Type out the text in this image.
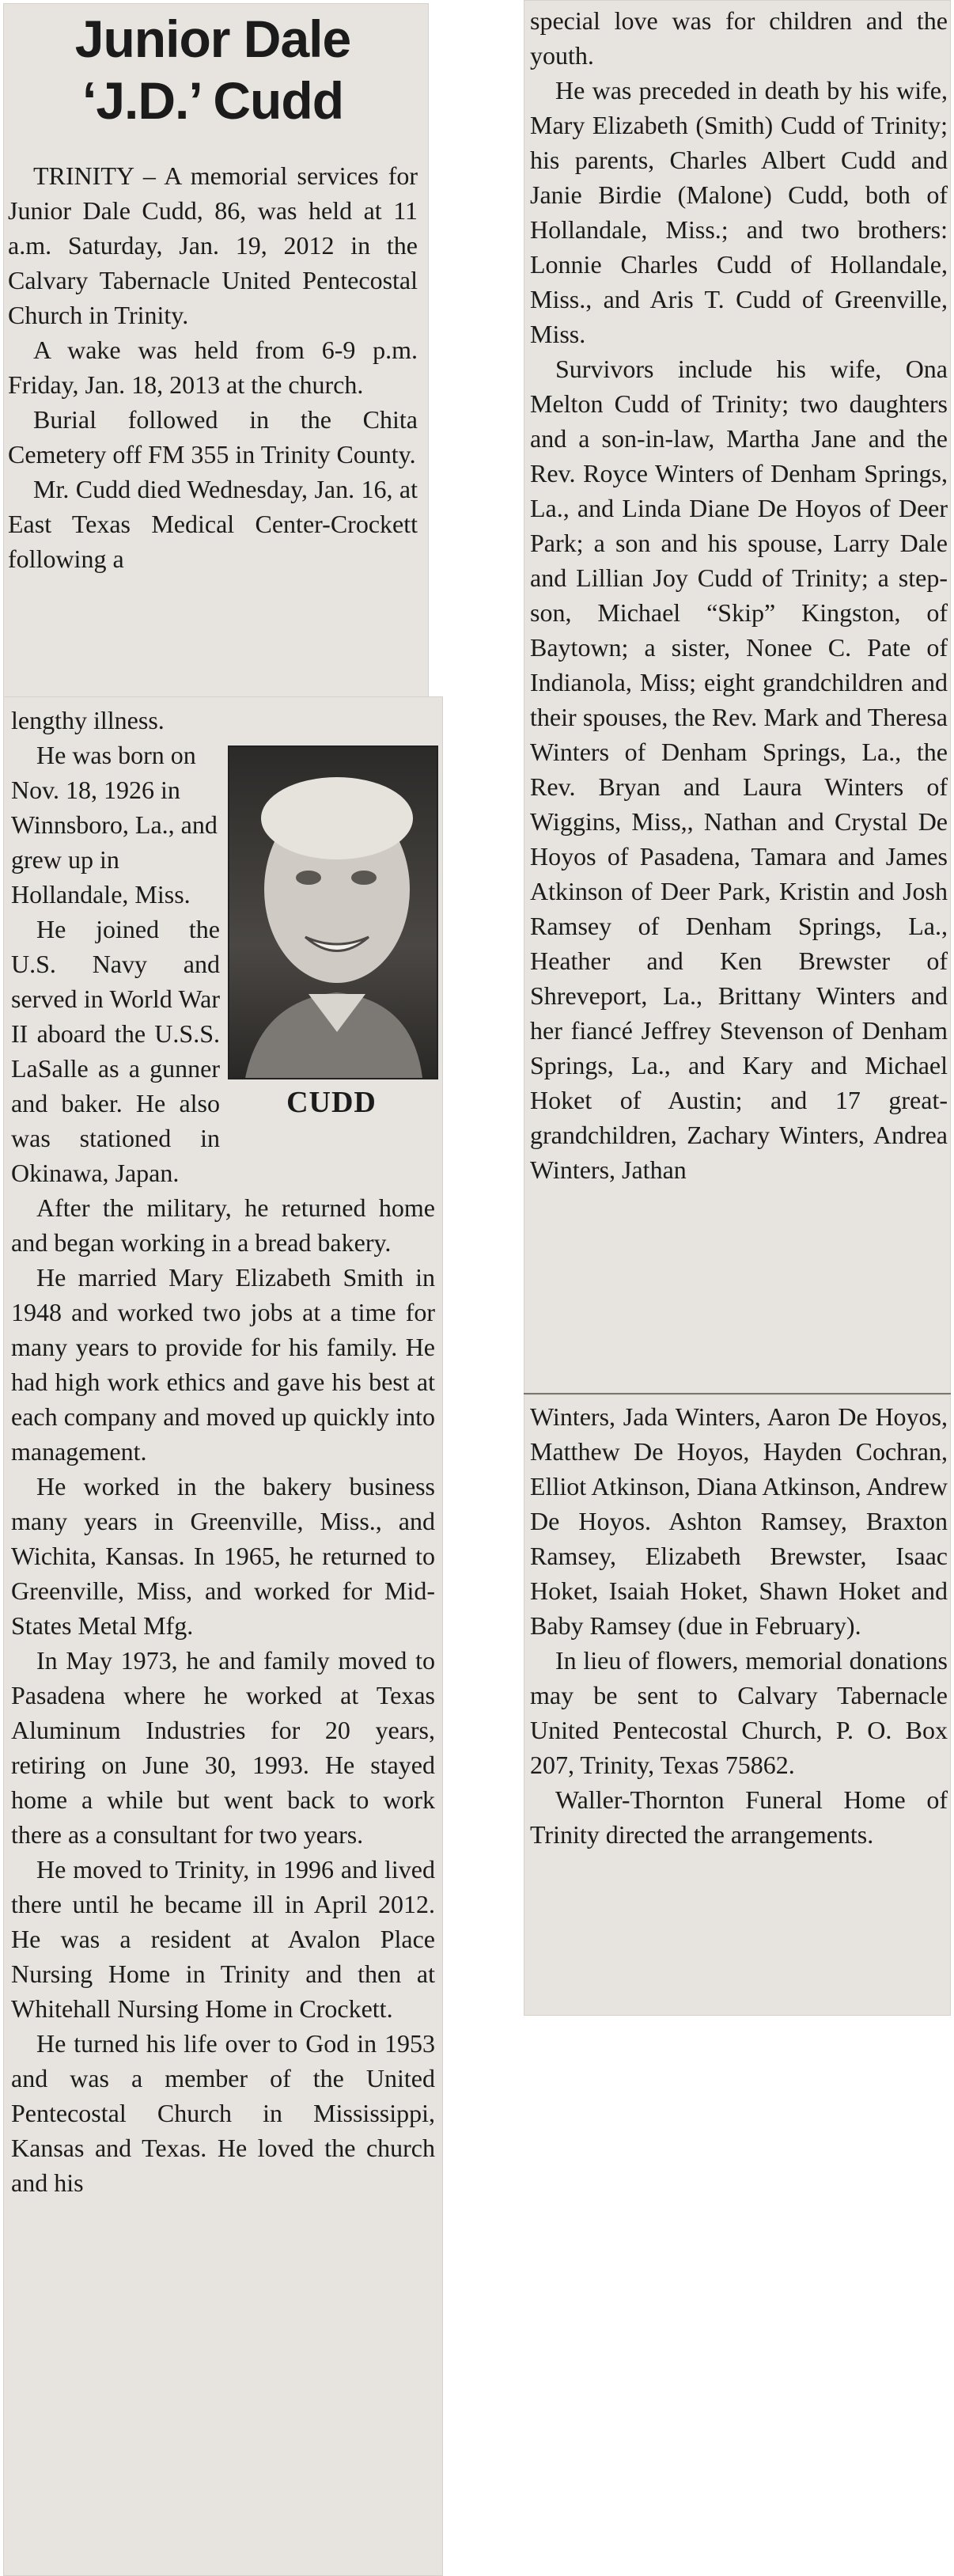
Junior Dale
‘J.D.’ Cudd

TRINITY – A memorial services for Junior Dale Cudd, 86, was held at 11 a.m. Saturday, Jan. 19, 2012 in the Calvary Tabernacle United Pentecostal Church in Trinity.

A wake was held from 6-9 p.m. Friday, Jan. 18, 2013 at the church.

Burial followed in the Chita Cemetery off FM 355 in Trinity County.

Mr. Cudd died Wednesday, Jan. 16, at East Texas Medical Center-Crockett following a

lengthy illness.

CUDD

He was born on Nov. 18, 1926 in Winnsboro, La., and grew up in Hollandale, Miss.

He joined the U.S. Navy and served in World War II aboard the U.S.S. LaSalle as a gunner and baker. He also was stationed in Okinawa, Japan.

After the military, he returned home and began working in a bread bakery.

He married Mary Elizabeth Smith in 1948 and worked two jobs at a time for many years to provide for his family. He had high work ethics and gave his best at each company and moved up quickly into management.

He worked in the bakery business many years in Greenville, Miss., and Wichita, Kansas. In 1965, he returned to Greenville, Miss, and worked for Mid-States Metal Mfg.

In May 1973, he and family moved to Pasadena where he worked at Texas Aluminum Industries for 20 years, retiring on June 30, 1993. He stayed home a while but went back to work there as a consultant for two years.

He moved to Trinity, in 1996 and lived there until he became ill in April 2012. He was a resident at Avalon Place Nursing Home in Trinity and then at Whitehall Nursing Home in Crockett.

He turned his life over to God in 1953 and was a member of the United Pentecostal Church in Mississippi, Kansas and Texas. He loved the church and his

special love was for children and the youth.

He was preceded in death by his wife, Mary Elizabeth (Smith) Cudd of Trinity; his parents, Charles Albert Cudd and Janie Birdie (Malone) Cudd, both of Hollandale, Miss.; and two brothers: Lonnie Charles Cudd of Hollandale, Miss., and Aris T. Cudd of Greenville, Miss.

Survivors include his wife, Ona Melton Cudd of Trinity; two daughters and a son-in-law, Martha Jane and the Rev. Royce Winters of Denham Springs, La., and Linda Diane De Hoyos of Deer Park; a son and his spouse, Larry Dale and Lillian Joy Cudd of Trinity; a step-son, Michael “Skip” Kingston, of Baytown; a sister, Nonee C. Pate of Indianola, Miss; eight grandchildren and their spouses, the Rev. Mark and Theresa Winters of Denham Springs, La., the Rev. Bryan and Laura Winters of Wiggins, Miss,, Nathan and Crystal De Hoyos of Pasadena, Tamara and James Atkinson of Deer Park, Kristin and Josh Ramsey of Denham Springs, La., Heather and Ken Brewster of Shreveport, La., Brittany Winters and her fiancé Jeffrey Stevenson of Denham Springs, La., and Kary and Michael Hoket of Austin; and 17 great-grandchildren, Zachary Winters, Andrea Winters, Jathan

Winters, Jada Winters, Aaron De Hoyos, Matthew De Hoyos, Hayden Cochran, Elliot Atkinson, Diana Atkinson, Andrew De Hoyos. Ashton Ramsey, Braxton Ramsey, Elizabeth Brewster, Isaac Hoket, Isaiah Hoket, Shawn Hoket and Baby Ramsey (due in February).

In lieu of flowers, memorial donations may be sent to Calvary Tabernacle United Pentecostal Church, P. O. Box 207, Trinity, Texas 75862.

Waller-Thornton Funeral Home of Trinity directed the arrangements.
